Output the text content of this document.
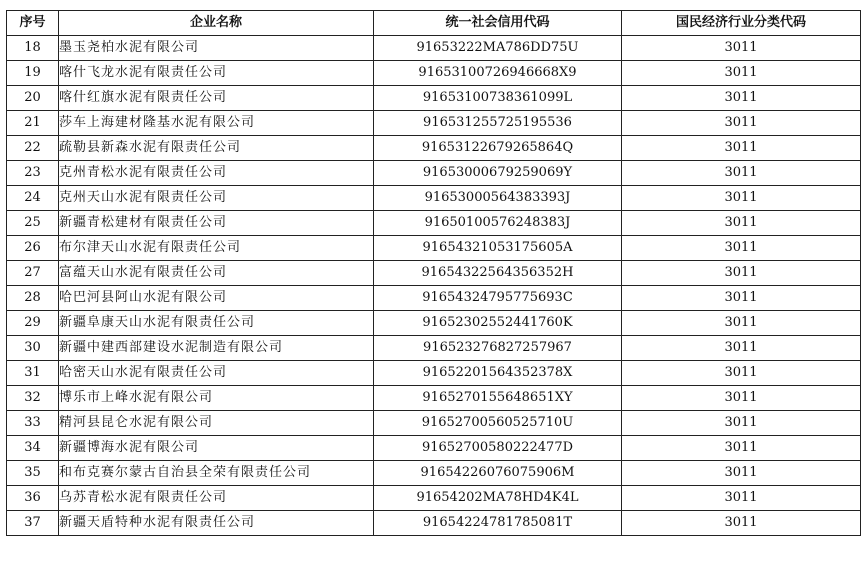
序号	企业名称	统一社会信用代码	国民经济行业分类代码
18	墨玉尧柏水泥有限公司	91653222MA786DD75U	3011
19	喀什飞龙水泥有限责任公司	91653100726946668X9	3011
20	喀什红旗水泥有限责任公司	91653100738361099L	3011
21	莎车上海建材隆基水泥有限公司	916531255725195536	3011
22	疏勒县新森水泥有限责任公司	91653122679265864Q	3011
23	克州青松水泥有限责任公司	91653000679259069Y	3011
24	克州天山水泥有限责任公司	91653000564383393J	3011
25	新疆青松建材有限责任公司	91650100576248383J	3011
26	布尔津天山水泥有限责任公司	91654321053175605A	3011
27	富蕴天山水泥有限责任公司	91654322564356352H	3011
28	哈巴河县阿山水泥有限公司	91654324795775693C	3011
29	新疆阜康天山水泥有限责任公司	91652302552441760K	3011
30	新疆中建西部建设水泥制造有限公司	916523276827257967	3011
31	哈密天山水泥有限责任公司	91652201564352378X	3011
32	博乐市上峰水泥有限公司	9165270155648651XY	3011
33	精河县昆仑水泥有限公司	91652700560525710U	3011
34	新疆博海水泥有限公司	91652700580222477D	3011
35	和布克赛尔蒙古自治县全荣有限责任公司	91654226076075906M	3011
36	乌苏青松水泥有限责任公司	91654202MA78HD4K4L	3011
37	新疆天盾特种水泥有限责任公司	91654224781785081T	3011
